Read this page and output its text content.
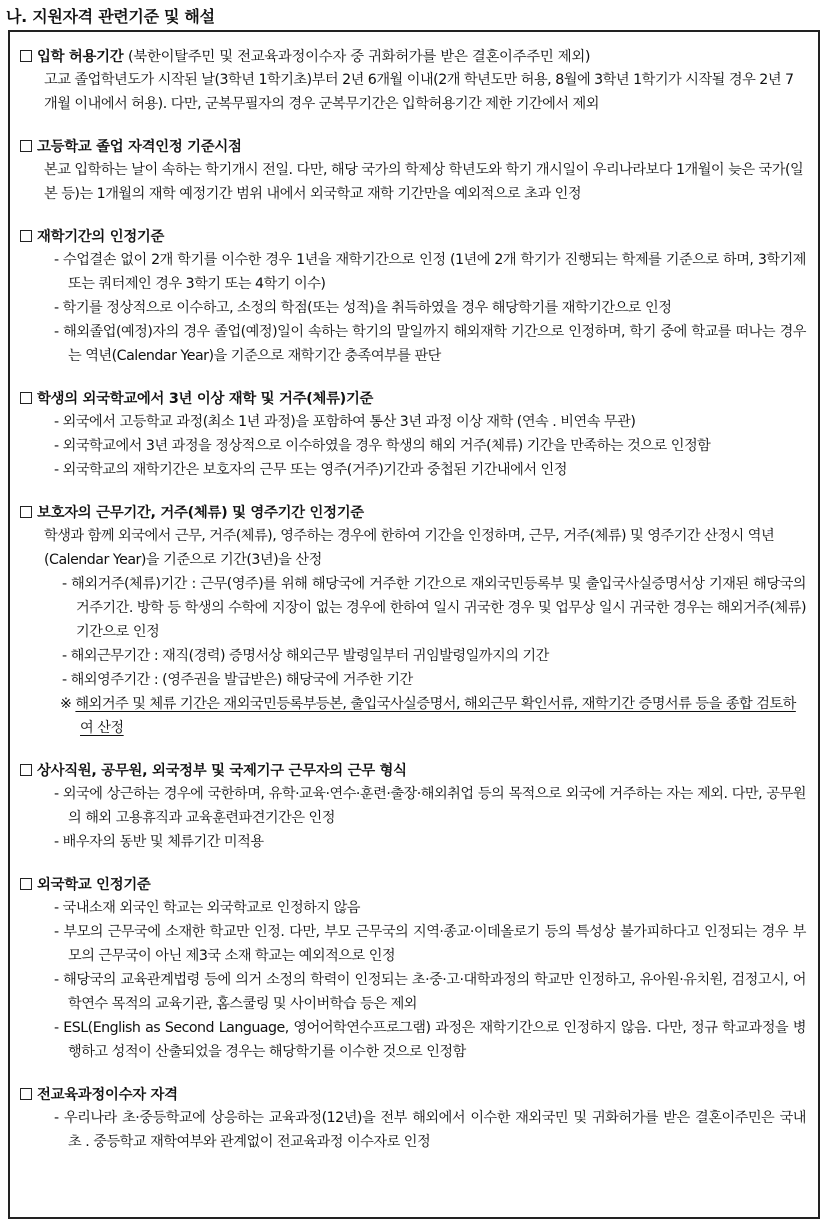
나. 지원자격 관련기준 및 해설
입학 허용기간 (북한이탈주민 및 전교육과정이수자 중 귀화허가를 받은 결혼이주주민 제외)
고교 졸업학년도가 시작된 날(3학년 1학기초)부터 2년 6개월 이내(2개 학년도만 허용, 8월에 3학년 1학기가 시작될 경우 2년 7개월 이내에서 허용). 다만, 군복무필자의 경우 군복무기간은 입학허용기간 제한 기간에서 제외
고등학교 졸업 자격인정 기준시점
본교 입학하는 날이 속하는 학기개시 전일. 다만, 해당 국가의 학제상 학년도와 학기 개시일이 우리나라보다 1개월이 늦은 국가(일본 등)는 1개월의 재학 예정기간 범위 내에서 외국학교 재학 기간만을 예외적으로 초과 인정
재학기간의 인정기준
- 수업결손 없이 2개 학기를 이수한 경우 1년을 재학기간으로 인정 (1년에 2개 학기가 진행되는 학제를 기준으로 하며, 3학기제 또는 쿼터제인 경우 3학기 또는 4학기 이수)
- 학기를 정상적으로 이수하고, 소정의 학점(또는 성적)을 취득하였을 경우 해당학기를 재학기간으로 인정
- 해외졸업(예정)자의 경우 졸업(예정)일이 속하는 학기의 말일까지 해외재학 기간으로 인정하며, 학기 중에 학교를 떠나는 경우는 역년(Calendar Year)을 기준으로 재학기간 충족여부를 판단
학생의 외국학교에서 3년 이상 재학 및 거주(체류)기준
- 외국에서 고등학교 과정(최소 1년 과정)을 포함하여 통산 3년 과정 이상 재학 (연속 . 비연속 무관)
- 외국학교에서 3년 과정을 정상적으로 이수하였을 경우 학생의 해외 거주(체류) 기간을 만족하는 것으로 인정함
- 외국학교의 재학기간은 보호자의 근무 또는 영주(거주)기간과 중첩된 기간내에서 인정
보호자의 근무기간, 거주(체류) 및 영주기간 인정기준
학생과 함께 외국에서 근무, 거주(체류), 영주하는 경우에 한하여 기간을 인정하며, 근무, 거주(체류) 및 영주기간 산정시 역년(Calendar Year)을 기준으로 기간(3년)을 산정
- 해외거주(체류)기간 : 근무(영주)를 위해 해당국에 거주한 기간으로 재외국민등록부 및 출입국사실증명서상 기재된 해당국의 거주기간. 방학 등 학생의 수학에 지장이 없는 경우에 한하여 일시 귀국한 경우 및 업무상 일시 귀국한 경우는 해외거주(체류) 기간으로 인정
- 해외근무기간 : 재직(경력) 증명서상 해외근무 발령일부터 귀임발령일까지의 기간
- 해외영주기간 : (영주권을 발급받은) 해당국에 거주한 기간
※ 해외거주 및 체류 기간은 재외국민등록부등본, 출입국사실증명서, 해외근무 확인서류, 재학기간 증명서류 등을 종합 검토하여 산정
상사직원, 공무원, 외국정부 및 국제기구 근무자의 근무 형식
- 외국에 상근하는 경우에 국한하며, 유학·교육·연수·훈련·출장·해외취업 등의 목적으로 외국에 거주하는 자는 제외. 다만, 공무원의 해외 고용휴직과 교육훈련파견기간은 인정
- 배우자의 동반 및 체류기간 미적용
외국학교 인정기준
- 국내소재 외국인 학교는 외국학교로 인정하지 않음
- 부모의 근무국에 소재한 학교만 인정. 다만, 부모 근무국의 지역·종교·이데올로기 등의 특성상 불가피하다고 인정되는 경우 부모의 근무국이 아닌 제3국 소재 학교는 예외적으로 인정
- 해당국의 교육관계법령 등에 의거 소정의 학력이 인정되는 초·중·고·대학과정의 학교만 인정하고, 유아원·유치원, 검정고시, 어학연수 목적의 교육기관, 홈스쿨링 및 사이버학습 등은 제외
- ESL(English as Second Language, 영어어학연수프로그램) 과정은 재학기간으로 인정하지 않음. 다만, 정규 학교과정을 병행하고 성적이 산출되었을 경우는 해당학기를 이수한 것으로 인정함
전교육과정이수자 자격
- 우리나라 초·중등학교에 상응하는 교육과정(12년)을 전부 해외에서 이수한 재외국민 및 귀화허가를 받은 결혼이주민은 국내 초 . 중등학교 재학여부와 관계없이 전교육과정 이수자로 인정
